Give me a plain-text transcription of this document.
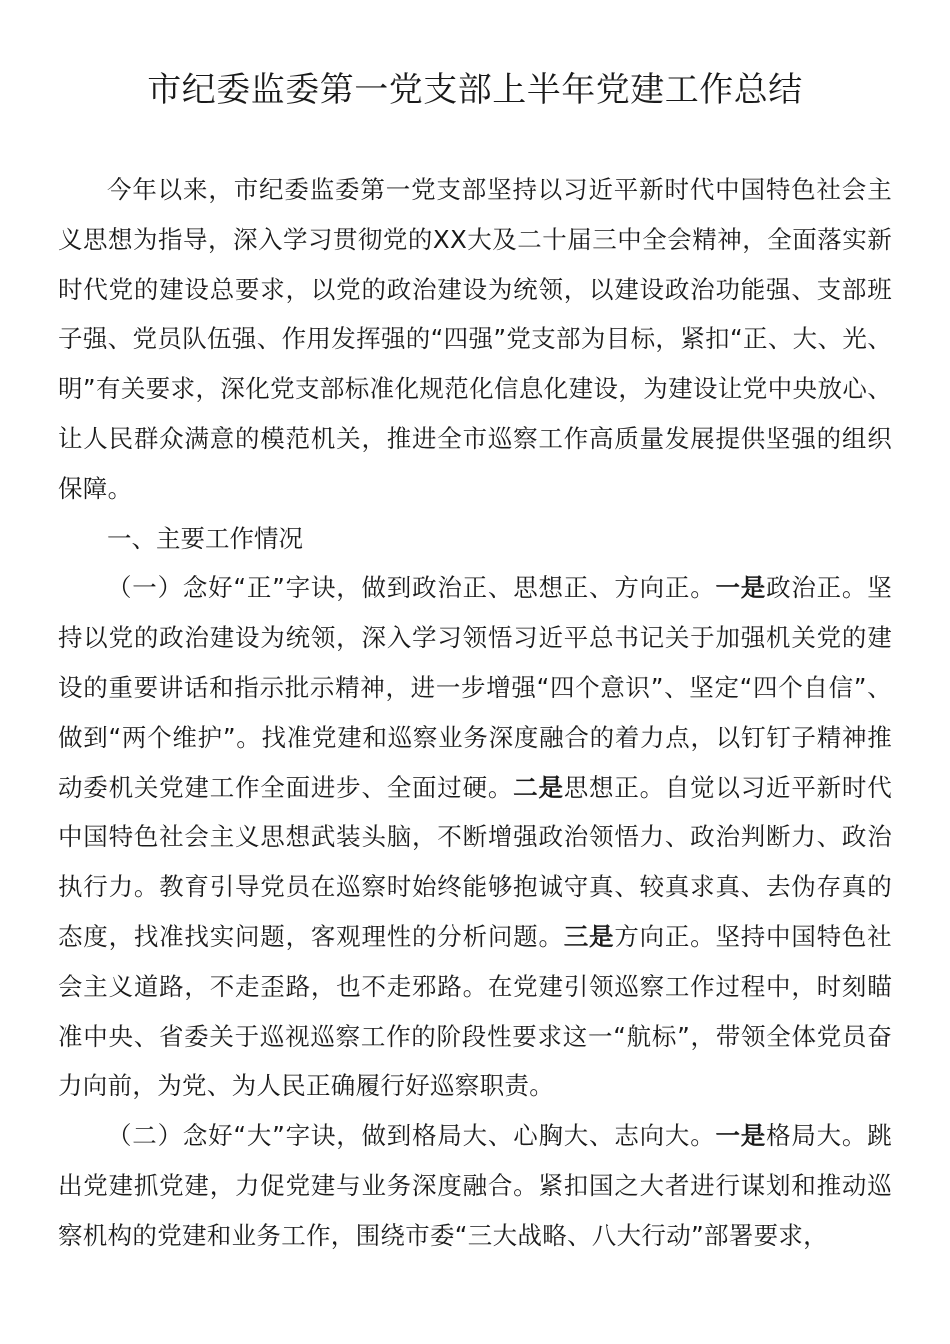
市纪委监委第一党支部上半年党建工作总结

今年以来，市纪委监委第一党支部坚持以习近平新时代中国特色社会主义思想为指导，深入学习贯彻党的XX大及二十届三中全会精神，全面落实新时代党的建设总要求，以党的政治建设为统领，以建设政治功能强、支部班子强、党员队伍强、作用发挥强的“四强”党支部为目标，紧扣“正、大、光、明”有关要求，深化党支部标准化规范化信息化建设，为建设让党中央放心、让人民群众满意的模范机关，推进全市巡察工作高质量发展提供坚强的组织保障。

一、主要工作情况

（一）念好“正”字诀，做到政治正、思想正、方向正。一是政治正。坚持以党的政治建设为统领，深入学习领悟习近平总书记关于加强机关党的建设的重要讲话和指示批示精神，进一步增强“四个意识”、坚定“四个自信”、做到“两个维护”。找准党建和巡察业务深度融合的着力点，以钉钉子精神推动委机关党建工作全面进步、全面过硬。二是思想正。自觉以习近平新时代中国特色社会主义思想武装头脑，不断增强政治领悟力、政治判断力、政治执行力。教育引导党员在巡察时始终能够抱诚守真、较真求真、去伪存真的态度，找准找实问题，客观理性的分析问题。三是方向正。坚持中国特色社会主义道路，不走歪路，也不走邪路。在党建引领巡察工作过程中，时刻瞄准中央、省委关于巡视巡察工作的阶段性要求这一“航标”，带领全体党员奋力向前，为党、为人民正确履行好巡察职责。

（二）念好“大”字诀，做到格局大、心胸大、志向大。一是格局大。跳出党建抓党建，力促党建与业务深度融合。紧扣国之大者进行谋划和推动巡察机构的党建和业务工作，围绕市委“三大战略、八大行动”部署要求，
